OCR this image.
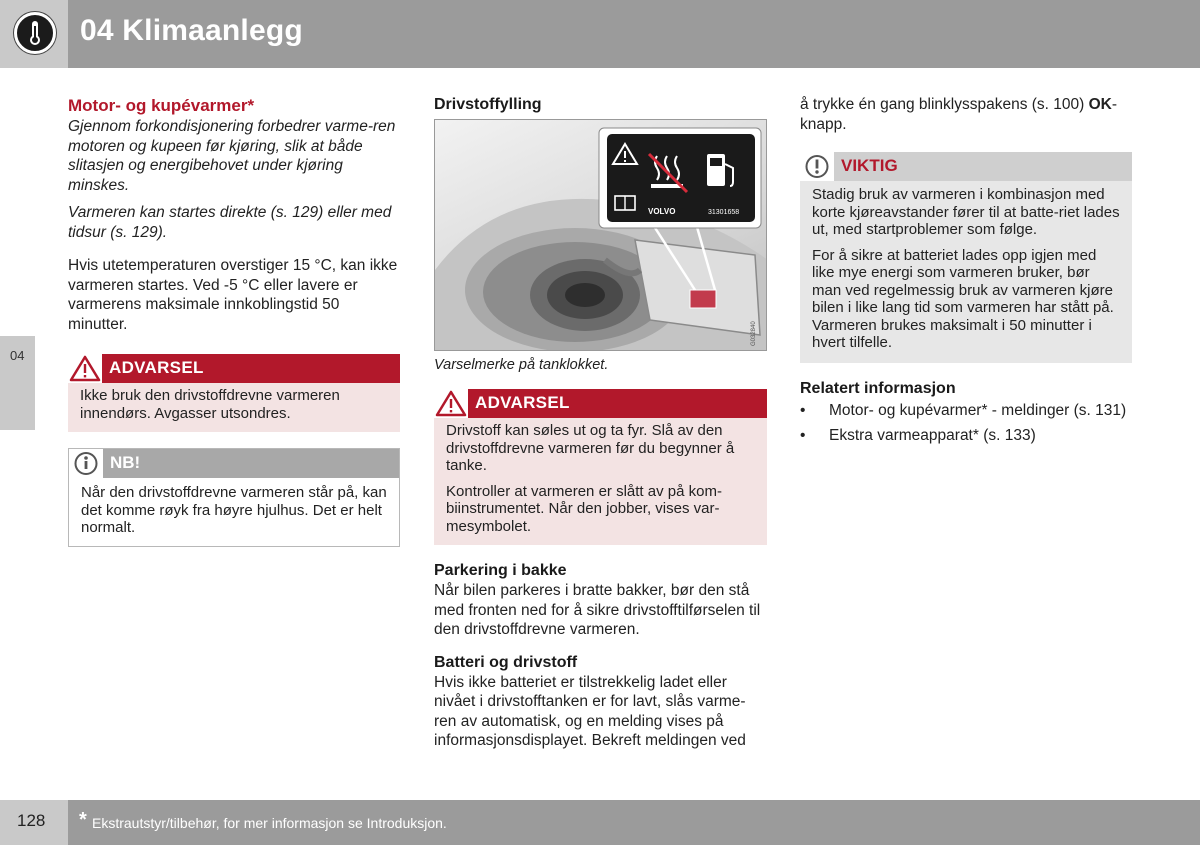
04 Klimaanlegg
04
Motor- og kupévarmer*

Gjennom forkondisjonering forbedrer varme-ren motoren og kupeen før kjøring, slik at både slitasjen og energibehovet under kjøring minskes.

Varmeren kan startes direkte (s. 129) eller med tidsur (s. 129).

Hvis utetemperaturen overstiger 15 °C, kan ikke varmeren startes. Ved -5 °C eller lavere er varmerens maksimale innkoblingstid 50 minutter.

ADVARSEL

Ikke bruk den drivstoffdrevne varmeren innendørs. Avgasser utsondres.

NB!

Når den drivstoffdrevne varmeren står på, kan det komme røyk fra høyre hjulhus. Det er helt normalt.

Drivstoffylling
VOLVO	31301658
G032840
Varselmerke på tanklokket.
ADVARSEL

Drivstoff kan søles ut og ta fyr. Slå av den drivstoffdrevne varmeren før du begynner å tanke.

Kontroller at varmeren er slått av på kom-biinstrumentet. Når den jobber, vises var-mesymbolet.

Parkering i bakke

Når bilen parkeres i bratte bakker, bør den stå med fronten ned for å sikre drivstofftilførselen til den drivstoffdrevne varmeren.

Batteri og drivstoff

Hvis ikke batteriet er tilstrekkelig ladet eller nivået i drivstofftanken er for lavt, slås varme-ren av automatisk, og en melding vises på informasjonsdisplayet. Bekreft meldingen ved

å trykke én gang blinklysspakens (s. 100) OK-knapp.

VIKTIG

Stadig bruk av varmeren i kombinasjon med korte kjøreavstander fører til at batte-riet lades ut, med startproblemer som følge.

For å sikre at batteriet lades opp igjen med like mye energi som varmeren bruker, bør man ved regelmessig bruk av varmeren kjøre bilen i like lang tid som varmeren har stått på. Varmeren brukes maksimalt i 50 minutter i hvert tilfelle.

Relatert informasjon
• Motor- og kupévarmer* - meldinger (s. 131)
• Ekstra varmeapparat* (s. 133)
128 * Ekstrautstyr/tilbehør, for mer informasjon se Introduksjon.
